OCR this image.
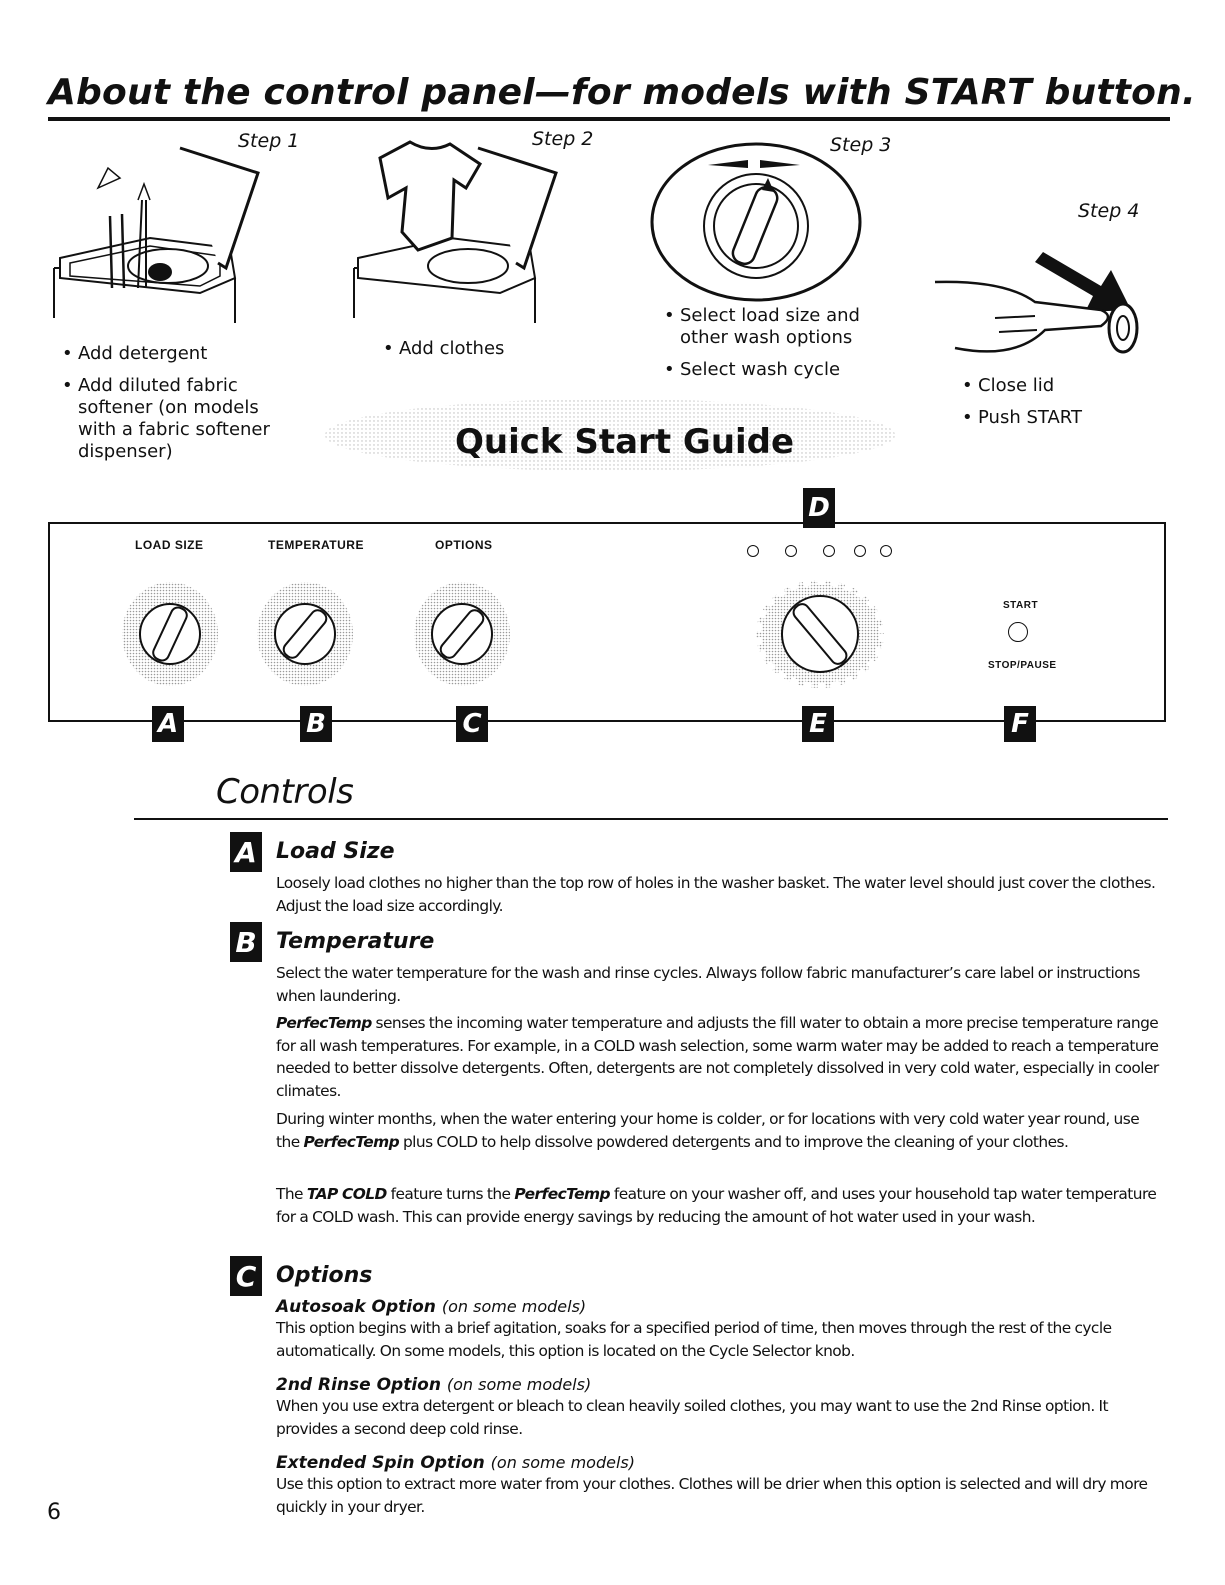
About the control panel—for models with START button.
Step 1
• Add detergent
• Add diluted fabric softener (on models with a fabric softener dispenser)
Step 2
• Add clothes
Step 3
• Select load size and other wash options
• Select wash cycle
Step 4
• Close lid
• Push START
Quick Start Guide
D
LOAD SIZE	TEMPERATURE	OPTIONS
START
STOP/PAUSE
A	B	C	E	F
Controls
A Load Size
Loosely load clothes no higher than the top row of holes in the washer basket. The water level should just cover the clothes. Adjust the load size accordingly.
B Temperature
Select the water temperature for the wash and rinse cycles. Always follow fabric manufacturer’s care label or instructions when laundering.
PerfecTemp senses the incoming water temperature and adjusts the fill water to obtain a more precise temperature range for all wash temperatures. For example, in a COLD wash selection, some warm water may be added to reach a temperature needed to better dissolve detergents. Often, detergents are not completely dissolved in very cold water, especially in cooler climates.
During winter months, when the water entering your home is colder, or for locations with very cold water year round, use the PerfecTemp plus COLD to help dissolve powdered detergents and to improve the cleaning of your clothes.
The TAP COLD feature turns the PerfecTemp feature on your washer off, and uses your household tap water temperature for a COLD wash. This can provide energy savings by reducing the amount of hot water used in your wash.
C Options
Autosoak Option (on some models)
This option begins with a brief agitation, soaks for a specified period of time, then moves through the rest of the cycle automatically. On some models, this option is located on the Cycle Selector knob.
2nd Rinse Option (on some models)
When you use extra detergent or bleach to clean heavily soiled clothes, you may want to use the 2nd Rinse option. It provides a second deep cold rinse.
Extended Spin Option (on some models)
Use this option to extract more water from your clothes. Clothes will be drier when this option is selected and will dry more quickly in your dryer.
6
